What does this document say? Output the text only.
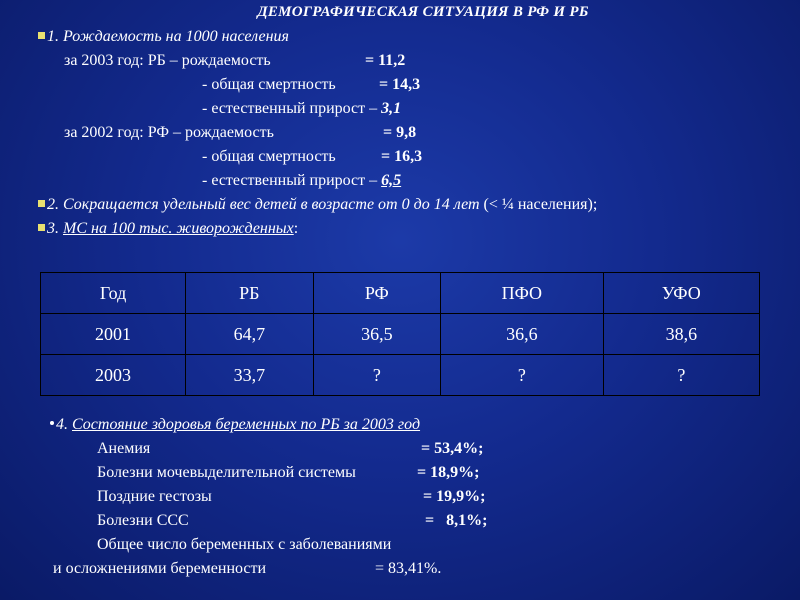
ДЕМОГРАФИЧЕСКАЯ СИТУАЦИЯ В РФ И РБ
1. Рождаемость на 1000 населения
за 2003 год: РБ – рождаемость	= 11,2
- общая смертность	= 14,3
- естественный прирост – 3,1
за 2002 год: РФ – рождаемость	= 9,8
- общая смертность	= 16,3
- естественный прирост – 6,5
2. Сокращается удельный вес детей в возрасте от 0 до 14 лет (< ¼ населения);
3. МС на 100 тыс. живорожденных:
Год	РБ	РФ	ПФО	УФО
2001	64,7	36,5	36,6	38,6
2003	33,7	?	?	?
4. Состояние здоровья беременных по РБ за 2003 год
Анемия	= 53,4%;
Болезни мочевыделительной системы	= 18,9%;
Поздние гестозы	= 19,9%;
Болезни ССС	=   8,1%;
Общее число беременных с заболеваниями
и осложнениями беременности	= 83,41%.
